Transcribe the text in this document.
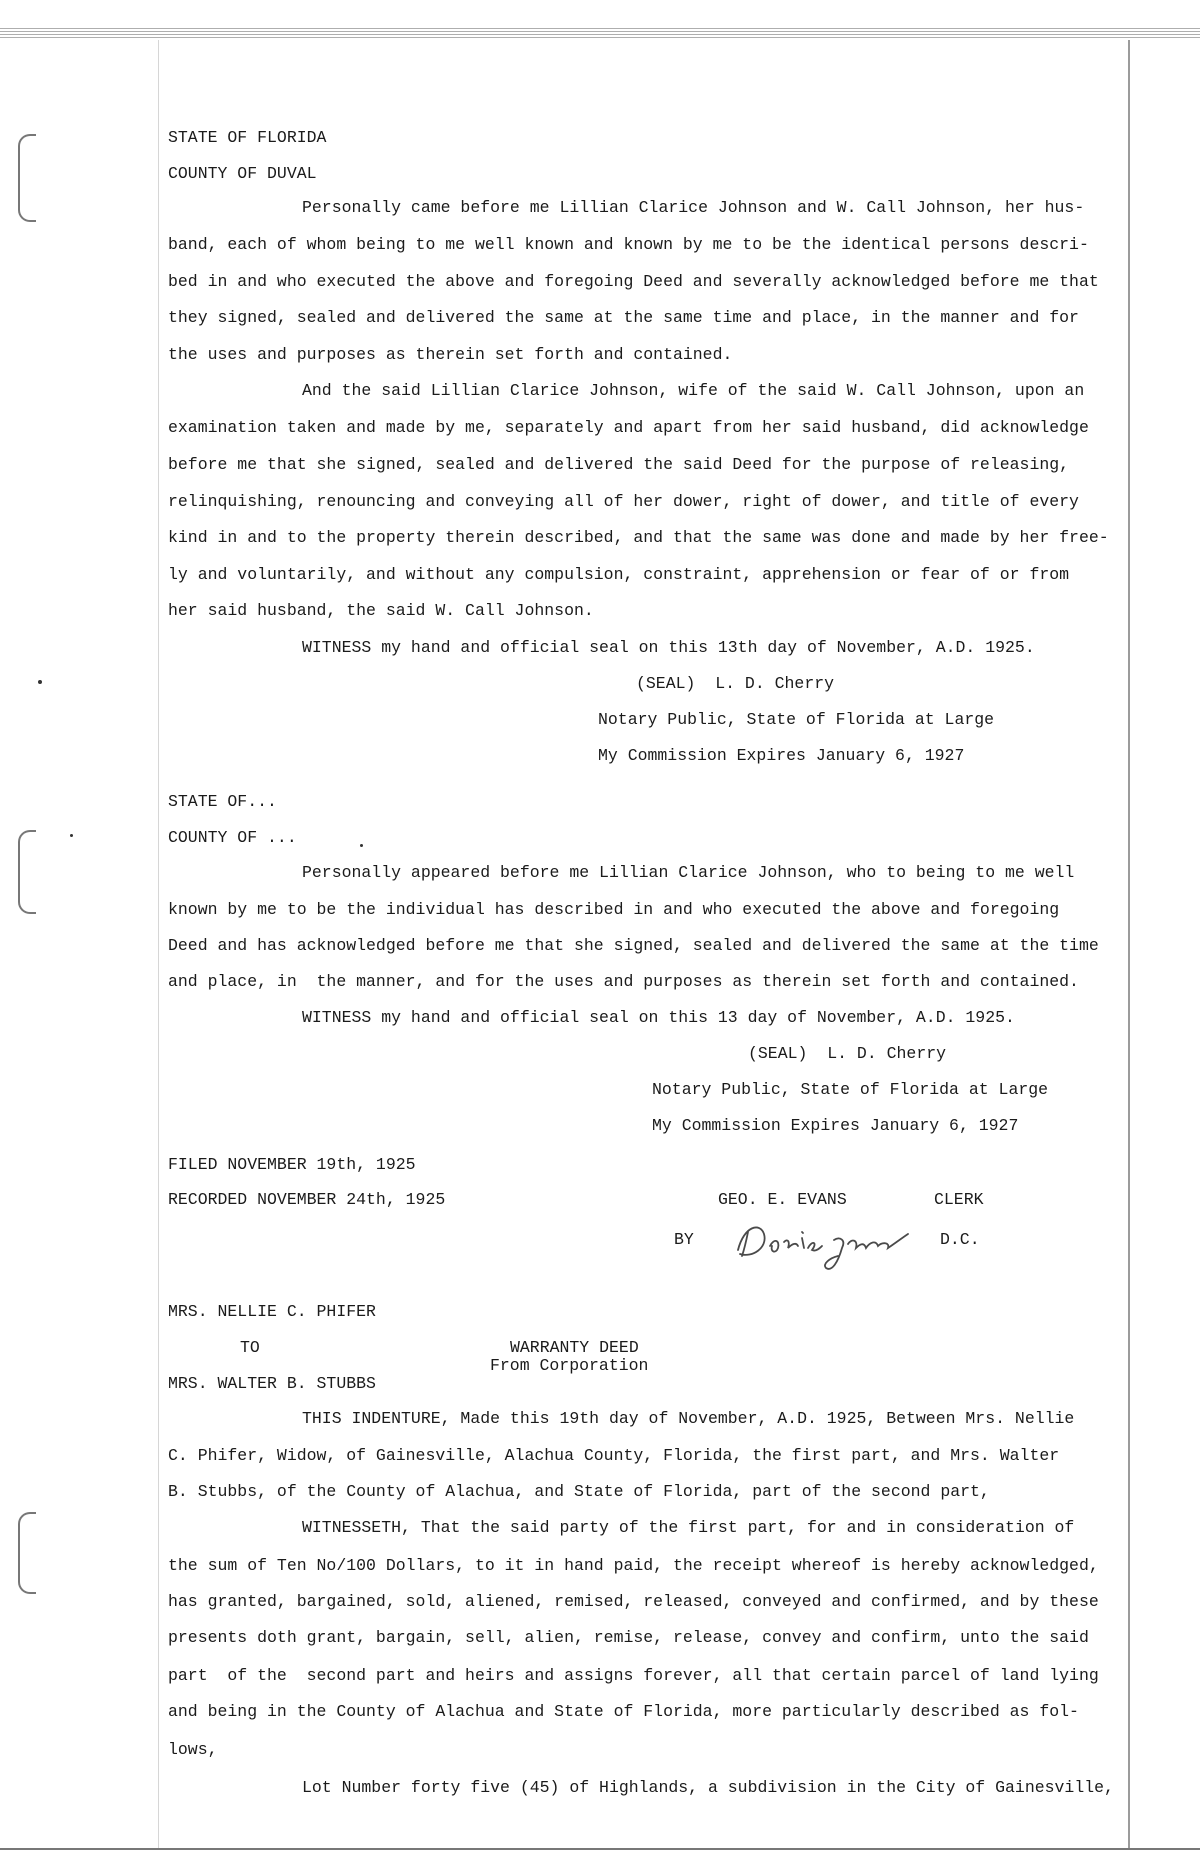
STATE OF FLORIDA
COUNTY OF DUVAL
Personally came before me Lillian Clarice Johnson and W. Call Johnson, her hus-
band, each of whom being to me well known and known by me to be the identical persons descri-
bed in and who executed the above and foregoing Deed and severally acknowledged before me that
they signed, sealed and delivered the same at the same time and place, in the manner and for
the uses and purposes as therein set forth and contained.
And the said Lillian Clarice Johnson, wife of the said W. Call Johnson, upon an
examination taken and made by me, separately and apart from her said husband, did acknowledge
before me that she signed, sealed and delivered the said Deed for the purpose of releasing,
relinquishing, renouncing and conveying all of her dower, right of dower, and title of every
kind in and to the property therein described, and that the same was done and made by her free-
ly and voluntarily, and without any compulsion, constraint, apprehension or fear of or from
her said husband, the said W. Call Johnson.
WITNESS my hand and official seal on this 13th day of November, A.D. 1925.
(SEAL)  L. D. Cherry
Notary Public, State of Florida at Large
My Commission Expires January 6, 1927
STATE OF...
COUNTY OF ...
Personally appeared before me Lillian Clarice Johnson, who to being to me well
known by me to be the individual has described in and who executed the above and foregoing
Deed and has acknowledged before me that she signed, sealed and delivered the same at the time
and place, in  the manner, and for the uses and purposes as therein set forth and contained.
WITNESS my hand and official seal on this 13 day of November, A.D. 1925.
(SEAL)  L. D. Cherry
Notary Public, State of Florida at Large
My Commission Expires January 6, 1927
FILED NOVEMBER 19th, 1925
RECORDED NOVEMBER 24th, 1925	GEO. E. EVANS	CLERK
BY	D.C.
MRS. NELLIE C. PHIFER
TO	WARRANTY DEED
From Corporation
MRS. WALTER B. STUBBS
THIS INDENTURE, Made this 19th day of November, A.D. 1925, Between Mrs. Nellie
C. Phifer, Widow, of Gainesville, Alachua County, Florida, the first part, and Mrs. Walter
B. Stubbs, of the County of Alachua, and State of Florida, part of the second part,
WITNESSETH, That the said party of the first part, for and in consideration of
the sum of Ten No/100 Dollars, to it in hand paid, the receipt whereof is hereby acknowledged,
has granted, bargained, sold, aliened, remised, released, conveyed and confirmed, and by these
presents doth grant, bargain, sell, alien, remise, release, convey and confirm, unto the said
part  of the  second part and heirs and assigns forever, all that certain parcel of land lying
and being in the County of Alachua and State of Florida, more particularly described as fol-
lows,
Lot Number forty five (45) of Highlands, a subdivision in the City of Gainesville,
